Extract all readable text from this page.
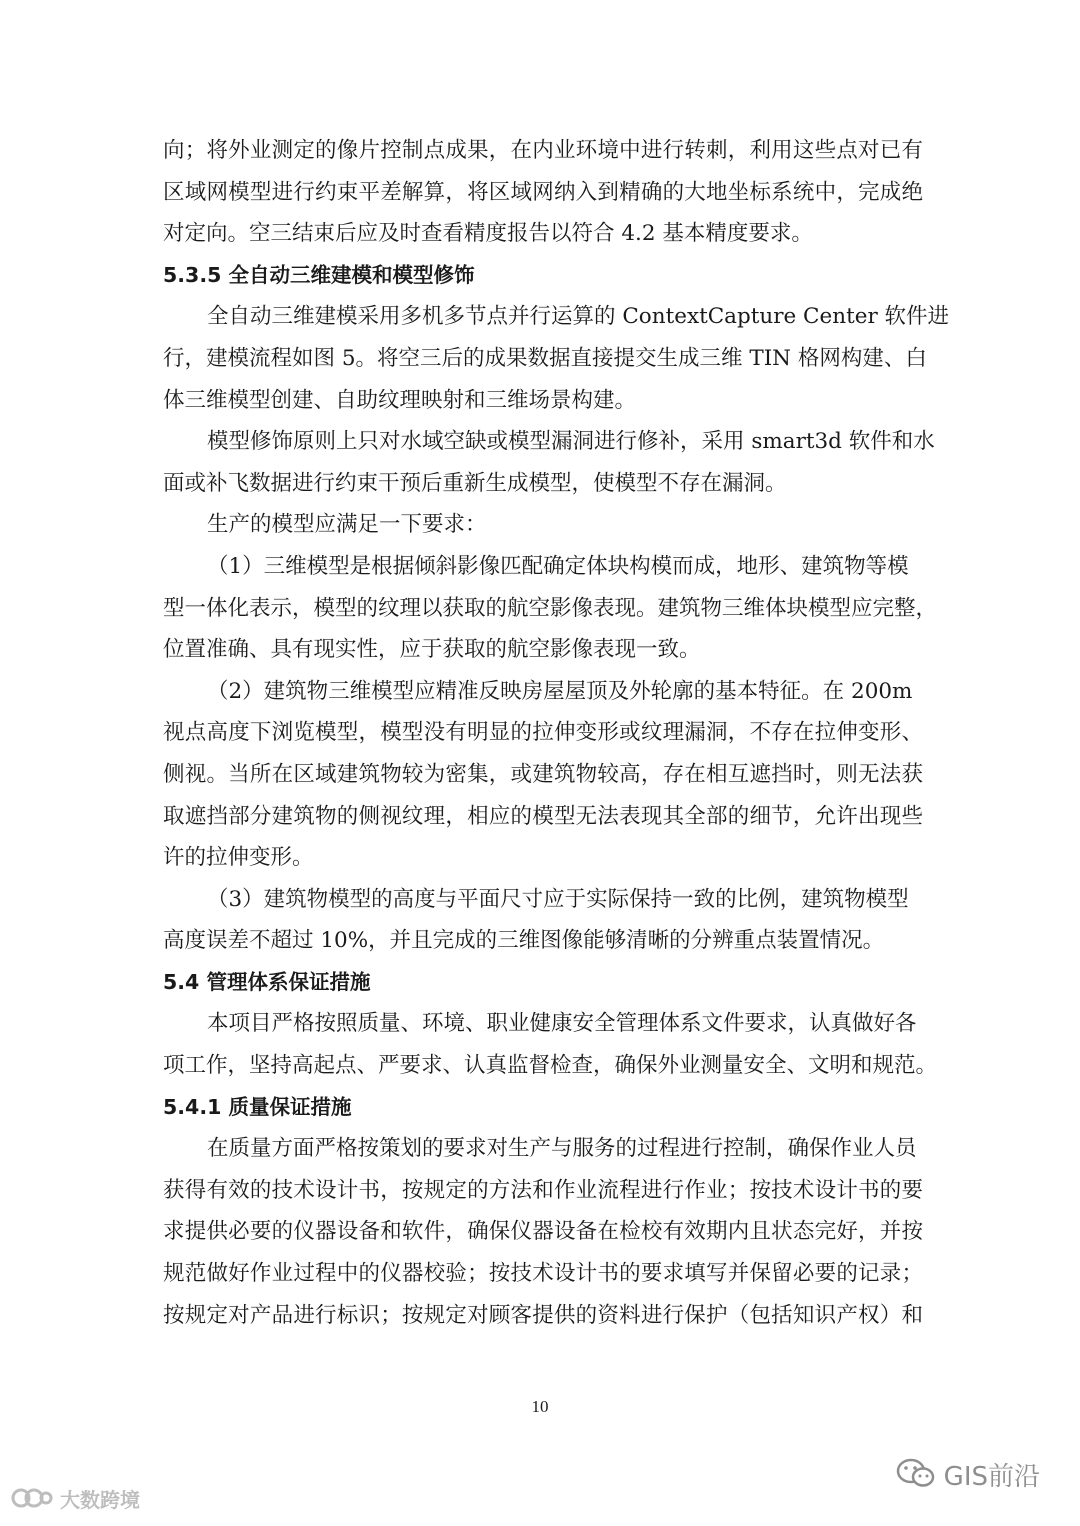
向；将外业测定的像片控制点成果，在内业环境中进行转刺，利用这些点对已有
区域网模型进行约束平差解算，将区域网纳入到精确的大地坐标系统中，完成绝
对定向。空三结束后应及时查看精度报告以符合 4.2 基本精度要求。
5.3.5 全自动三维建模和模型修饰
全自动三维建模采用多机多节点并行运算的 ContextCapture Center 软件进
行，建模流程如图 5。将空三后的成果数据直接提交生成三维 TIN 格网构建、白
体三维模型创建、自助纹理映射和三维场景构建。
模型修饰原则上只对水域空缺或模型漏洞进行修补，采用 smart3d 软件和水
面或补飞数据进行约束干预后重新生成模型，使模型不存在漏洞。
生产的模型应满足一下要求：
（1）三维模型是根据倾斜影像匹配确定体块构模而成，地形、建筑物等模
型一体化表示，模型的纹理以获取的航空影像表现。建筑物三维体块模型应完整，
位置准确、具有现实性，应于获取的航空影像表现一致。
（2）建筑物三维模型应精准反映房屋屋顶及外轮廓的基本特征。在 200m
视点高度下浏览模型，模型没有明显的拉伸变形或纹理漏洞，不存在拉伸变形、
侧视。当所在区域建筑物较为密集，或建筑物较高，存在相互遮挡时，则无法获
取遮挡部分建筑物的侧视纹理，相应的模型无法表现其全部的细节，允许出现些
许的拉伸变形。
（3）建筑物模型的高度与平面尺寸应于实际保持一致的比例，建筑物模型
高度误差不超过 10%，并且完成的三维图像能够清晰的分辨重点装置情况。
5.4 管理体系保证措施
本项目严格按照质量、环境、职业健康安全管理体系文件要求，认真做好各
项工作，坚持高起点、严要求、认真监督检查，确保外业测量安全、文明和规范。
5.4.1 质量保证措施
在质量方面严格按策划的要求对生产与服务的过程进行控制，确保作业人员
获得有效的技术设计书，按规定的方法和作业流程进行作业；按技术设计书的要
求提供必要的仪器设备和软件，确保仪器设备在检校有效期内且状态完好，并按
规范做好作业过程中的仪器校验；按技术设计书的要求填写并保留必要的记录；
按规定对产品进行标识；按规定对顾客提供的资料进行保护（包括知识产权）和
10
大数跨境
GIS前沿
